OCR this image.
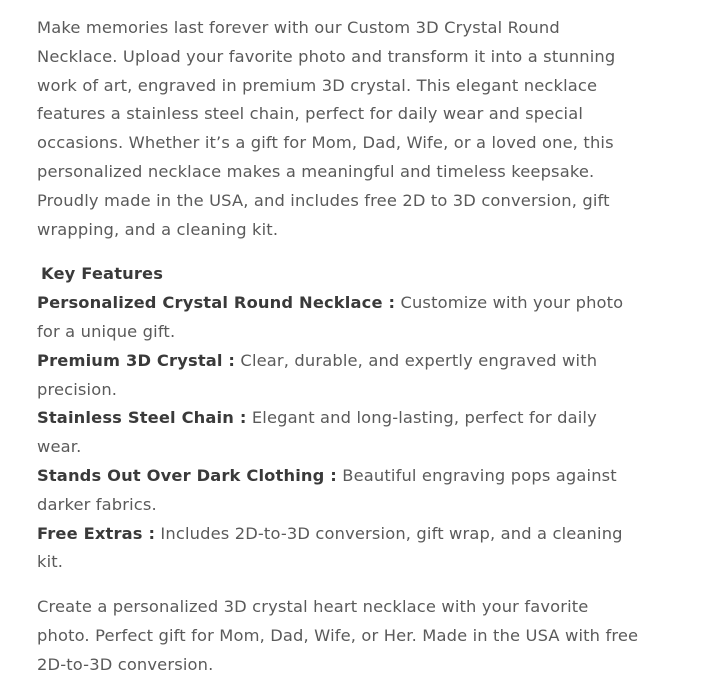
Make memories last forever with our Custom 3D Crystal Round Necklace. Upload your favorite photo and transform it into a stunning work of art, engraved in premium 3D crystal. This elegant necklace features a stainless steel chain, perfect for daily wear and special occasions. Whether it’s a gift for Mom, Dad, Wife, or a loved one, this personalized necklace makes a meaningful and timeless keepsake. Proudly made in the USA, and includes free 2D to 3D conversion, gift wrapping, and a cleaning kit.

Key Features

Personalized Crystal Round Necklace : Customize with your photo for a unique gift.

Premium 3D Crystal : Clear, durable, and expertly engraved with precision.

Stainless Steel Chain : Elegant and long-lasting, perfect for daily wear.

Stands Out Over Dark Clothing : Beautiful engraving pops against darker fabrics.

Free Extras : Includes 2D-to-3D conversion, gift wrap, and a cleaning kit.

Create a personalized 3D crystal heart necklace with your favorite photo. Perfect gift for Mom, Dad, Wife, or Her. Made in the USA with free 2D-to-3D conversion.
